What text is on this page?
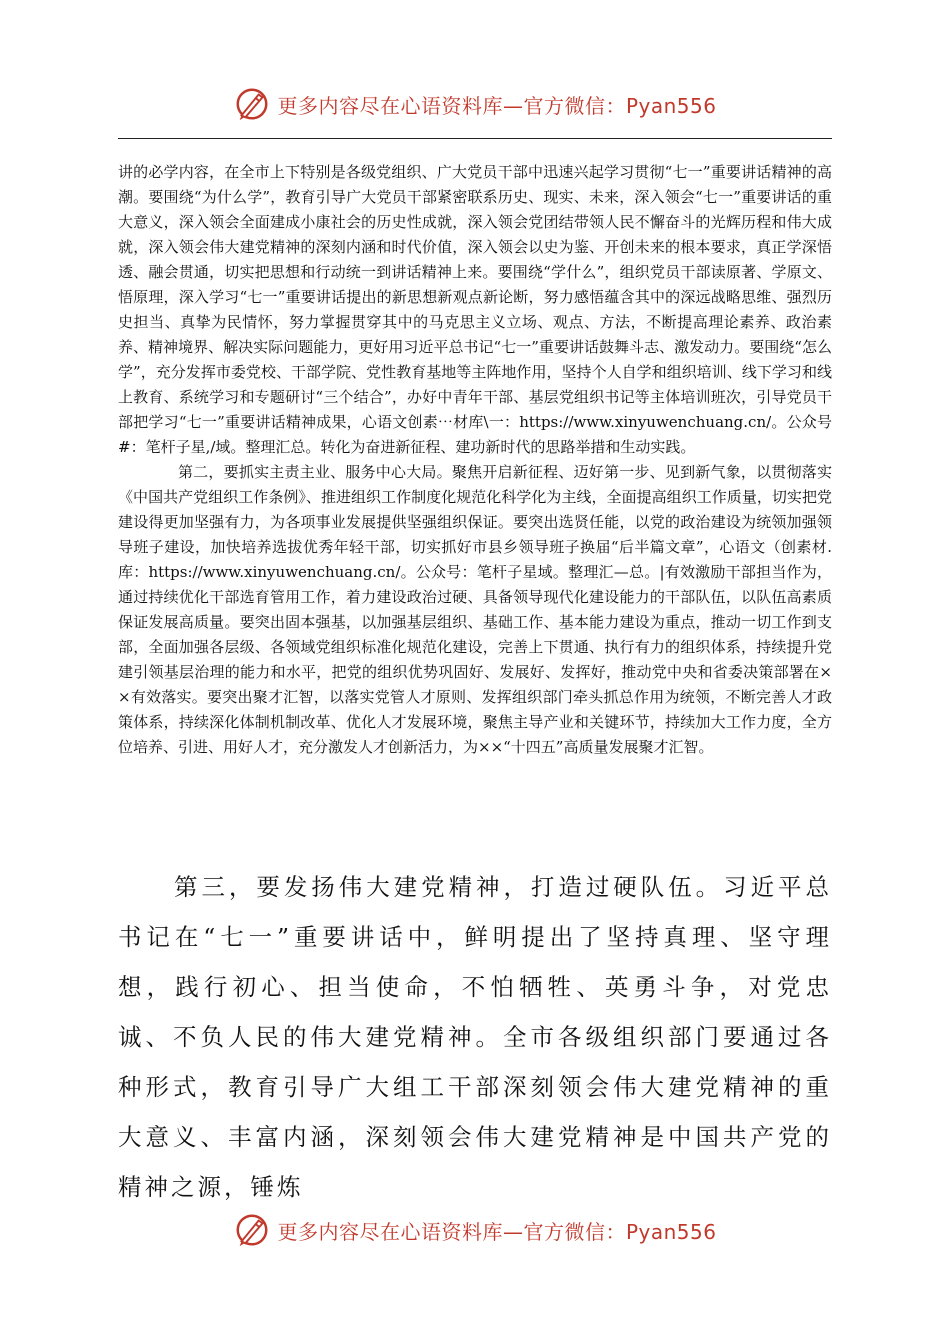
更多内容尽在心语资料库—官方微信：Pyan556

讲的必学内容，在全市上下特别是各级党组织、广大党员干部中迅速兴起学习贯彻“七一”重要讲话精神的高潮。要围绕“为什么学”，教育引导广大党员干部紧密联系历史、现实、未来，深入领会“七一”重要讲话的重大意义，深入领会全面建成小康社会的历史性成就，深入领会党团结带领人民不懈奋斗的光辉历程和伟大成就，深入领会伟大建党精神的深刻内涵和时代价值，深入领会以史为鉴、开创未来的根本要求，真正学深悟透、融会贯通，切实把思想和行动统一到讲话精神上来。要围绕“学什么”，组织党员干部读原著、学原文、悟原理，深入学习“七一”重要讲话提出的新思想新观点新论断，努力感悟蕴含其中的深远战略思维、强烈历史担当、真挚为民情怀，努力掌握贯穿其中的马克思主义立场、观点、方法，不断提高理论素养、政治素养、精神境界、解决实际问题能力，更好用习近平总书记“七一”重要讲话鼓舞斗志、激发动力。要围绕“怎么学”，充分发挥市委党校、干部学院、党性教育基地等主阵地作用，坚持个人自学和组织培训、线下学习和线上教育、系统学习和专题研讨“三个结合”，办好中青年干部、基层党组织书记等主体培训班次，引导党员干部把学习“七一”重要讲话精神成果，心语文创素⋯材库\一：https://www.xinyuwenchuang.cn/。公众号#：笔杆子星,/域。整理汇总。转化为奋进新征程、建功新时代的思路举措和生动实践。

第二，要抓实主责主业、服务中心大局。聚焦开启新征程、迈好第一步、见到新气象，以贯彻落实《中国共产党组织工作条例》、推进组织工作制度化规范化科学化为主线，全面提高组织工作质量，切实把党建设得更加坚强有力，为各项事业发展提供坚强组织保证。要突出选贤任能，以党的政治建设为统领加强领导班子建设，加快培养选拔优秀年轻干部，切实抓好市县乡领导班子换届“后半篇文章”，心语文（创素材.库：https://www.xinyuwenchuang.cn/。公众号：笔杆子星域。整理汇—总。|有效激励干部担当作为，通过持续优化干部选育管用工作，着力建设政治过硬、具备领导现代化建设能力的干部队伍，以队伍高素质保证发展高质量。要突出固本强基，以加强基层组织、基础工作、基本能力建设为重点，推动一切工作到支部，全面加强各层级、各领域党组织标准化规范化建设，完善上下贯通、执行有力的组织体系，持续提升党建引领基层治理的能力和水平，把党的组织优势巩固好、发展好、发挥好，推动党中央和省委决策部署在××有效落实。要突出聚才汇智，以落实党管人才原则、发挥组织部门牵头抓总作用为统领，不断完善人才政策体系，持续深化体制机制改革、优化人才发展环境，聚焦主导产业和关键环节，持续加大工作力度，全方位培养、引进、用好人才，充分激发人才创新活力，为××“十四五”高质量发展聚才汇智。

第三，要发扬伟大建党精神，打造过硬队伍。习近平总书记在“七一”重要讲话中，鲜明提出了坚持真理、坚守理想，践行初心、担当使命，不怕牺牲、英勇斗争，对党忠诚、不负人民的伟大建党精神。全市各级组织部门要通过各种形式，教育引导广大组工干部深刻领会伟大建党精神的重大意义、丰富内涵，深刻领会伟大建党精神是中国共产党的精神之源，锤炼

更多内容尽在心语资料库—官方微信：Pyan556
